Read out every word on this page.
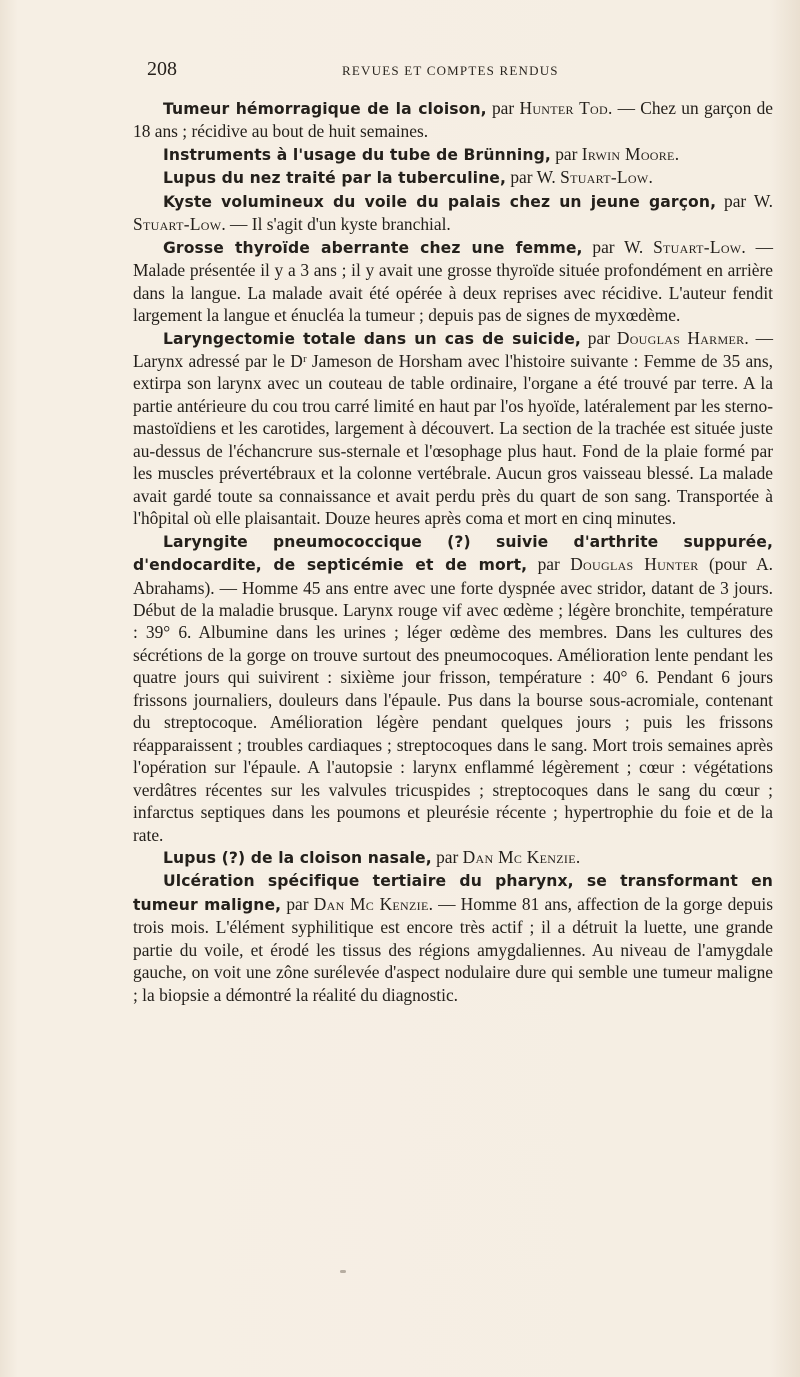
208	REVUES ET COMPTES RENDUS

Tumeur hémorragique de la cloison, par Hunter Tod. — Chez un garçon de 18 ans ; récidive au bout de huit semaines.

Instruments à l'usage du tube de Brünning, par Irwin Moore.

Lupus du nez traité par la tuberculine, par W. Stuart-Low.

Kyste volumineux du voile du palais chez un jeune garçon, par W. Stuart-Low. — Il s'agit d'un kyste branchial.

Grosse thyroïde aberrante chez une femme, par W. Stuart-Low. — Malade présentée il y a 3 ans ; il y avait une grosse thyroïde située profondément en arrière dans la langue. La malade avait été opérée à deux reprises avec récidive. L'auteur fendit largement la langue et énucléa la tumeur ; depuis pas de signes de myxœdème.

Laryngectomie totale dans un cas de suicide, par Douglas Harmer. — Larynx adressé par le Dʳ Jameson de Horsham avec l'histoire suivante : Femme de 35 ans, extirpa son larynx avec un couteau de table ordinaire, l'organe a été trouvé par terre. A la partie antérieure du cou trou carré limité en haut par l'os hyoïde, latéralement par les sterno-mastoïdiens et les carotides, largement à découvert. La section de la trachée est située juste au-dessus de l'échancrure sus-sternale et l'œsophage plus haut. Fond de la plaie formé par les muscles prévertébraux et la colonne vertébrale. Aucun gros vaisseau blessé. La malade avait gardé toute sa connaissance et avait perdu près du quart de son sang. Transportée à l'hôpital où elle plaisantait. Douze heures après coma et mort en cinq minutes.

Laryngite pneumococcique (?) suivie d'arthrite suppurée, d'endocardite, de septicémie et de mort, par Douglas Hunter (pour A. Abrahams). — Homme 45 ans entre avec une forte dyspnée avec stridor, datant de 3 jours. Début de la maladie brusque. Larynx rouge vif avec œdème ; légère bronchite, température : 39° 6. Albumine dans les urines ; léger œdème des membres. Dans les cultures des sécrétions de la gorge on trouve surtout des pneumocoques. Amélioration lente pendant les quatre jours qui suivirent : sixième jour frisson, température : 40° 6. Pendant 6 jours frissons journaliers, douleurs dans l'épaule. Pus dans la bourse sous-acromiale, contenant du streptocoque. Amélioration légère pendant quelques jours ; puis les frissons réapparaissent ; troubles cardiaques ; streptocoques dans le sang. Mort trois semaines après l'opération sur l'épaule. A l'autopsie : larynx enflammé légèrement ; cœur : végétations verdâtres récentes sur les valvules tricuspides ; streptocoques dans le sang du cœur ; infarctus septiques dans les poumons et pleurésie récente ; hypertrophie du foie et de la rate.

Lupus (?) de la cloison nasale, par Dan Mc Kenzie.

Ulcération spécifique tertiaire du pharynx, se transformant en tumeur maligne, par Dan Mc Kenzie. — Homme 81 ans, affection de la gorge depuis trois mois. L'élément syphilitique est encore très actif ; il a détruit la luette, une grande partie du voile, et érodé les tissus des régions amygdaliennes. Au niveau de l'amygdale gauche, on voit une zône surélevée d'aspect nodulaire dure qui semble une tumeur maligne ; la biopsie a démontré la réalité du diagnostic.
